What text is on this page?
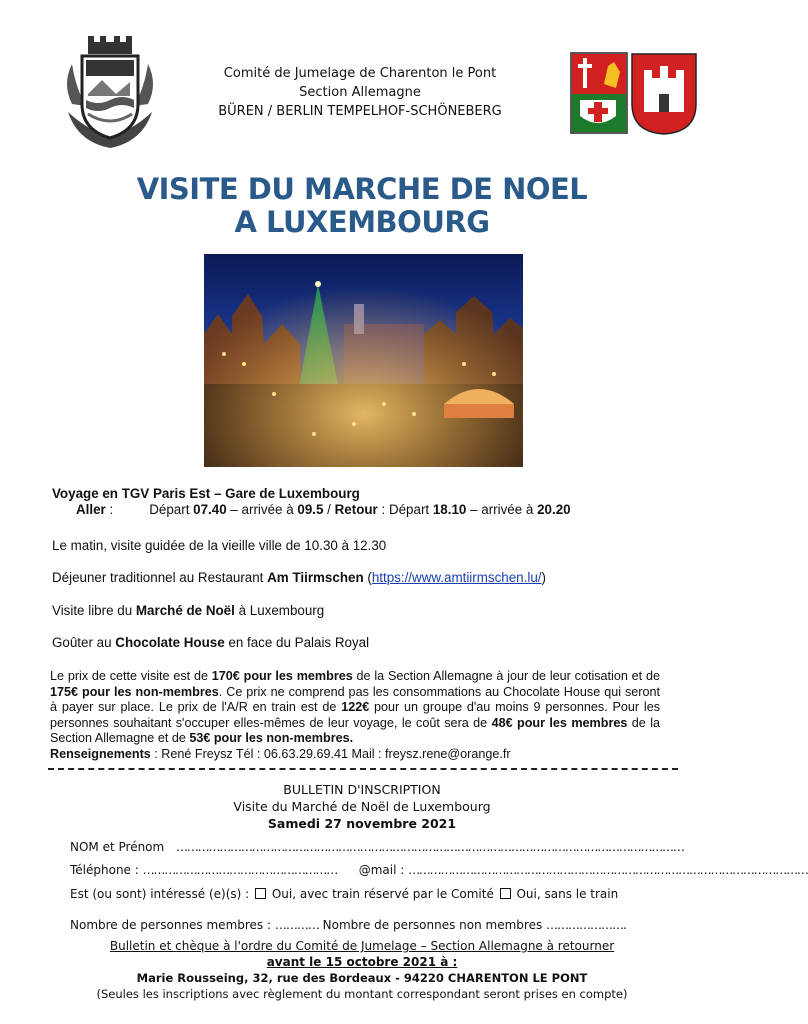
Comité de Jumelage de Charenton le Pont
Section Allemagne
BÜREN / BERLIN TEMPELHOF-SCHÖNEBERG
VISITE DU MARCHE DE NOEL
A LUXEMBOURG
Voyage en TGV Paris Est – Gare de Luxembourg
Aller :	Départ 07.40 – arrivée à 09.5 / Retour : Départ 18.10 – arrivée à 20.20
Le matin, visite guidée de la vieille ville de 10.30 à 12.30
Déjeuner traditionnel au Restaurant Am Tiirmschen (https://www.amtiirmschen.lu/)
Visite libre du Marché de Noël à Luxembourg
Goûter au Chocolate House en face du Palais Royal

Le prix de cette visite est de 170€ pour les membres de la Section Allemagne à jour de leur cotisation et de 175€ pour les non-membres. Ce prix ne comprend pas les consommations au Chocolate House qui seront à payer sur place. Le prix de l'A/R en train est de 122€ pour un groupe d'au moins 9 personnes. Pour les personnes souhaitant s'occuper elles-mêmes de leur voyage, le coût sera de 48€ pour les membres de la Section Allemagne et de 53€ pour les non-membres.

Renseignements : René Freysz Tél : 06.63.29.69.41 Mail : freysz.rene@orange.fr

BULLETIN D'INSCRIPTION
Visite du Marché de Noël de Luxembourg
Samedi 27 novembre 2021
NOM et Prénom ……………………………………………………………………………………………………………………………
Téléphone : ……………………………………………… @mail : …………………………………………………………………………………………………
Est (ou sont) intéressé (e)(s) :  Oui, avec train réservé par le Comité  Oui, sans le train
Nombre de personnes membres : ………… Nombre de personnes non membres ………………….
Bulletin et chèque à l'ordre du Comité de Jumelage – Section Allemagne à retourner
avant le 15 octobre 2021 à :
Marie Rousseing, 32, rue des Bordeaux - 94220 CHARENTON LE PONT
(Seules les inscriptions avec règlement du montant correspondant seront prises en compte)
